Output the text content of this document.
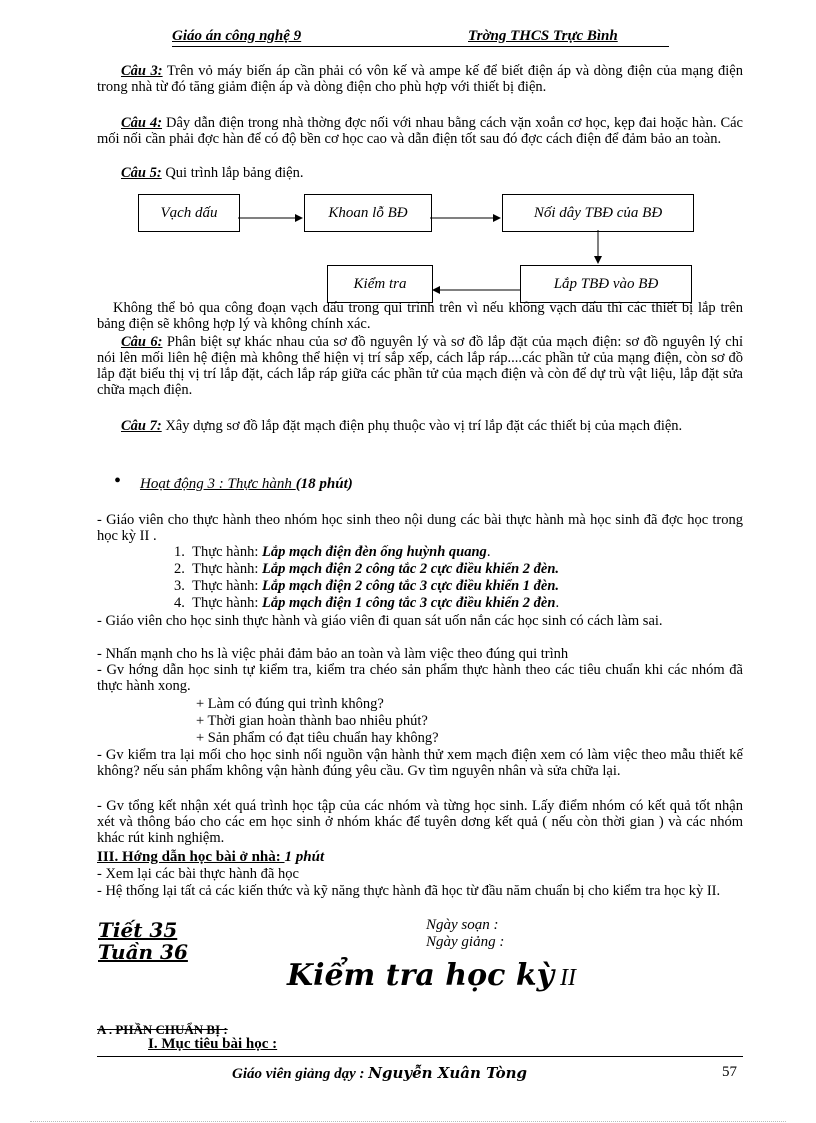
Giáo án công nghệ 9	Trờng THCS Trực Bình
Câu 3: Trên vỏ máy biến áp cần phải có vôn kế và ampe kế để biết điện áp và dòng điện của mạng điện trong nhà từ đó tăng giảm điện áp và dòng điện cho phù hợp với thiết bị điện.
Câu 4: Dây dẫn điện trong nhà thờng đợc nối với nhau bằng cách vặn xoắn cơ học, kẹp đai hoặc hàn. Các mối nối cần phải đợc hàn để có độ bền cơ học cao và dẫn điện tốt sau đó đợc cách điện để đảm bảo an toàn.
Câu 5: Qui trình lắp bảng điện.
Vạch dấu	Khoan lỗ BĐ	Nối dây TBĐ của BĐ
Lắp TBĐ vào BĐ
Kiểm tra
Không thể bỏ qua công đoạn vạch dấu trong qui trình trên vì nếu không vạch dấu thì các thiết bị lắp trên bảng điện sẽ không hợp lý và không chính xác.
Câu 6: Phân biệt sự khác nhau của sơ đồ nguyên lý và sơ đồ lắp đặt của mạch điện: sơ đồ nguyên lý chỉ nói lên mối liên hệ điện mà không thể hiện vị trí sắp xếp, cách lắp ráp....các phần tử của mạng điện, còn sơ đồ lắp đặt biểu thị vị trí lắp đặt, cách lắp ráp giữa các phần tử của mạch điện và còn để dự trù vật liệu, lắp đặt sửa chữa mạch điện.
Câu 7: Xây dựng sơ đồ lắp đặt mạch điện phụ thuộc vào vị trí lắp đặt các thiết bị của mạch điện.
• Hoạt động 3 : Thực hành (18 phút)
- Giáo viên cho thực hành theo nhóm học sinh theo nội dung các bài thực hành mà học sinh đã đợc học trong học kỳ II .
1. Thực hành: Lắp mạch điện đèn ống huỳnh quang.
2. Thực hành: Lắp mạch điện 2 công tắc 2 cực điều khiển 2 đèn.
3. Thực hành: Lắp mạch điện 2 công tắc 3 cực điều khiển 1 đèn.
4. Thực hành: Lắp mạch điện 1 công tắc 3 cực điều khiển 2 đèn.
- Giáo viên cho học sinh thực hành và giáo viên đi quan sát uốn nắn các học sinh có cách làm sai.
- Nhấn mạnh cho hs là việc phải đảm bảo an toàn và làm việc theo đúng qui trình
- Gv hớng dẫn học sinh tự kiểm tra, kiểm tra chéo sản phẩm thực hành theo các tiêu chuẩn khi các nhóm đã thực hành xong.
+ Làm có đúng qui trình không?
+ Thời gian hoàn thành bao nhiêu phút?
+ Sản phẩm có đạt tiêu chuẩn hay không?
- Gv kiểm tra lại mối cho học sinh nối nguồn vận hành thử xem mạch điện xem có làm việc theo mẫu thiết kế không? nếu sản phẩm không vận hành đúng yêu cầu. Gv tìm nguyên nhân và sửa chữa lại.
- Gv tổng kết nhận xét quá trình học tập của các nhóm và từng học sinh. Lấy điểm nhóm có kết quả tốt nhận xét và thông báo cho các em học sinh ở nhóm khác để tuyên dơng kết quả ( nếu còn thời gian ) và các nhóm khác rút kinh nghiệm.
III. Hớng dẫn học bài ở nhà: 1 phút
- Xem lại các bài thực hành đã học
- Hệ thống lại tất cả các kiến thức và kỹ năng thực hành đã học từ đầu năm chuẩn bị cho kiểm tra học kỳ II.
Tiết 35
Tuần 36
Ngày soạn :
Ngày giảng :
Kiểm tra học kỳ II
A . PHẦN CHUẨN BỊ :
I. Mục tiêu bài học :
Giáo viên giảng dạy : Nguyễn Xuân Tòng	57
